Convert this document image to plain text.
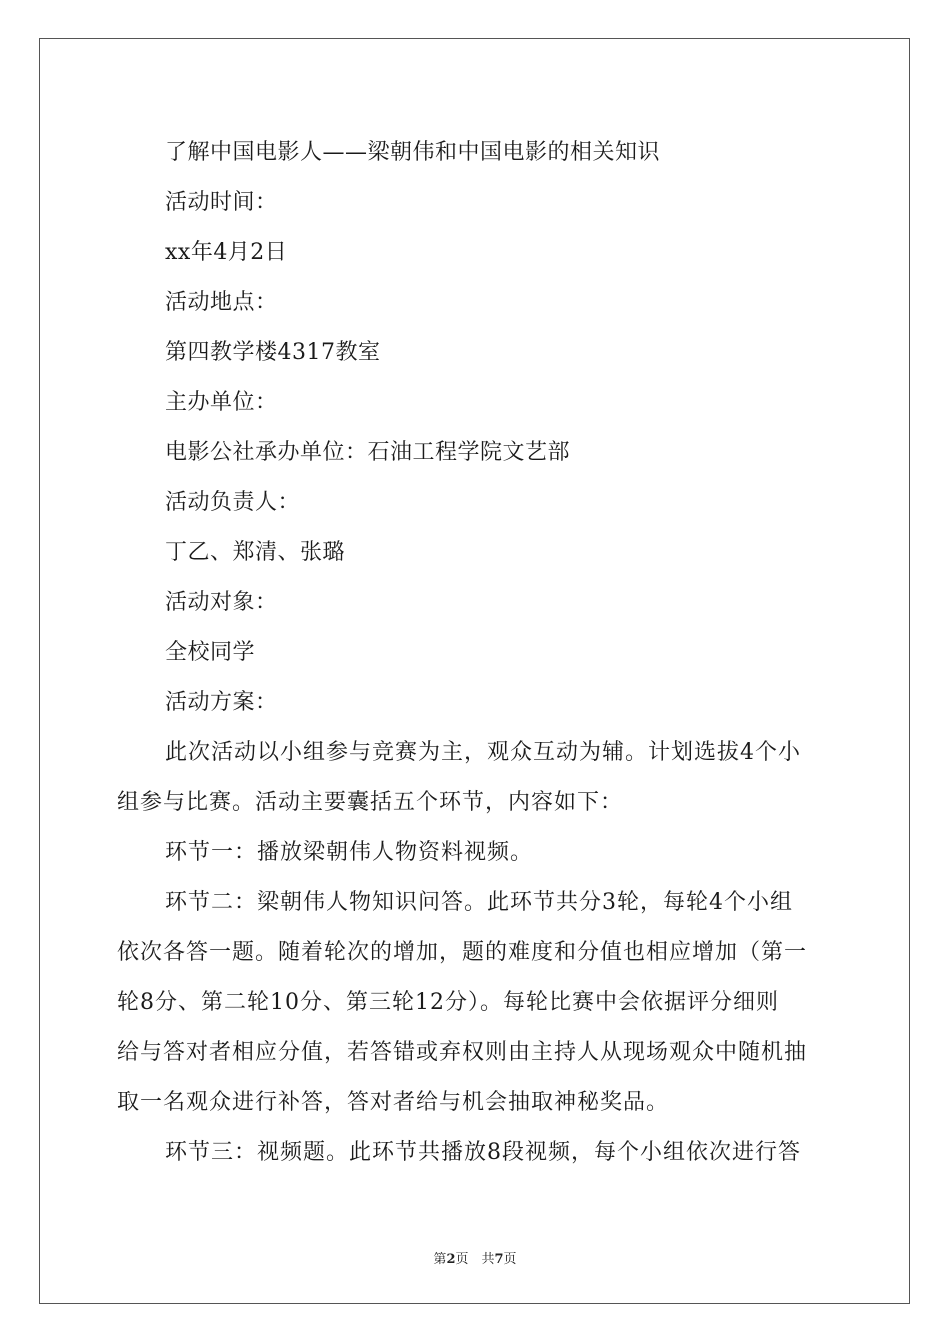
了解中国电影人——梁朝伟和中国电影的相关知识
活动时间：
xx年4月2日
活动地点：
第四教学楼4317教室
主办单位：
电影公社承办单位：石油工程学院文艺部
活动负责人：
丁乙、郑清、张璐
活动对象：
全校同学
活动方案：
此次活动以小组参与竞赛为主，观众互动为辅。计划选拔4个小
组参与比赛。活动主要囊括五个环节，内容如下：
环节一：播放梁朝伟人物资料视频。
环节二：梁朝伟人物知识问答。此环节共分3轮，每轮4个小组
依次各答一题。随着轮次的增加，题的难度和分值也相应增加（第一
轮8分、第二轮10分、第三轮12分）。每轮比赛中会依据评分细则
给与答对者相应分值，若答错或弃权则由主持人从现场观众中随机抽
取一名观众进行补答，答对者给与机会抽取神秘奖品。
环节三：视频题。此环节共播放8段视频，每个小组依次进行答
第2页　共7页
